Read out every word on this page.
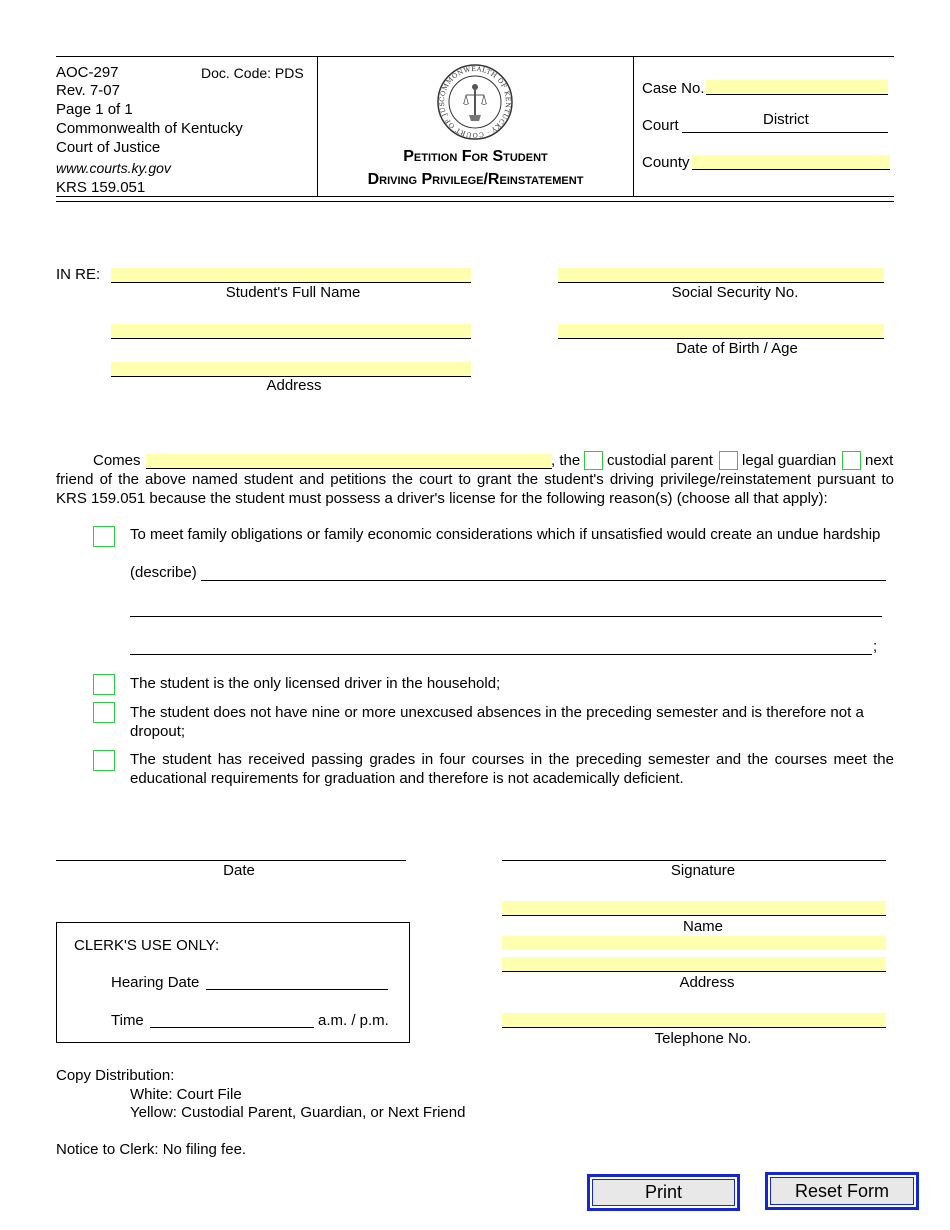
AOC-297	Doc. Code: PDS
Rev. 7-07
Page 1 of 1
Commonwealth of Kentucky
Court of Justice
www.courts.ky.gov
KRS 159.051
COMMONWEALTH OF KENTUCKY · COURT OF JUS
Petition For Student
Driving Privilege/Reinstatement
Case No.
Court	District
County
IN RE:
Student's Full Name	Social Security No.
Date of Birth / Age
Address
Comes	, the custodial parent legal guardian next
friend of the above named student and petitions the court to grant the student's driving privilege/reinstatement pursuant to KRS 159.051 because the student must possess a driver's license for the following reason(s) (choose all that apply):
To meet family obligations or family economic considerations which if unsatisfied would create an undue hardship
(describe)
;
The student is the only licensed driver in the household;
The student does not have nine or more unexcused absences in the preceding semester and is therefore not a dropout;
The student has received passing grades in four courses in the preceding semester and the courses meet the educational requirements for graduation and therefore is not academically deficient.
Date	Signature
Name
Address
Telephone No.
CLERK'S USE ONLY:
Hearing Date
Time	a.m. / p.m.
Copy Distribution:
White: Court File
Yellow: Custodial Parent, Guardian, or Next Friend
Notice to Clerk: No filing fee.
Print	Reset Form
